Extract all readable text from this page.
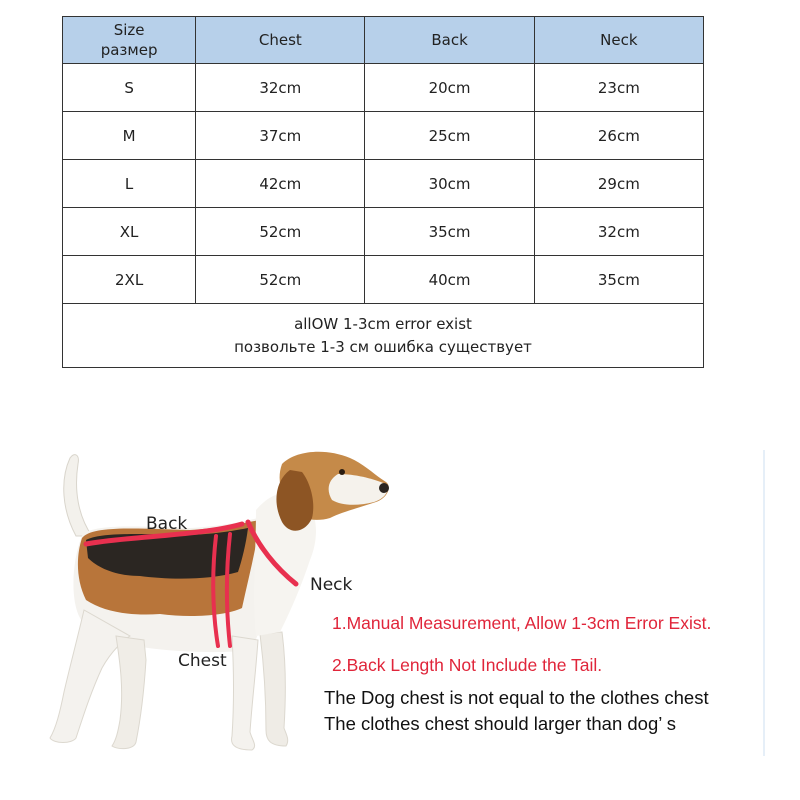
Size
размер	Chest	Back	Neck
S	32cm	20cm	23cm
M	37cm	25cm	26cm
L	42cm	30cm	29cm
XL	52cm	35cm	32cm
2XL	52cm	40cm	35cm

allOW 1-3cm error exist
позвольте 1-3 см ошибка существует			
Back
Neck
Chest
1.Manual Measurement, Allow 1-3cm Error Exist.
2.Back Length Not Include the Tail.
The Dog chest is not equal to the clothes chest
The clothes chest should larger than dog’ s
